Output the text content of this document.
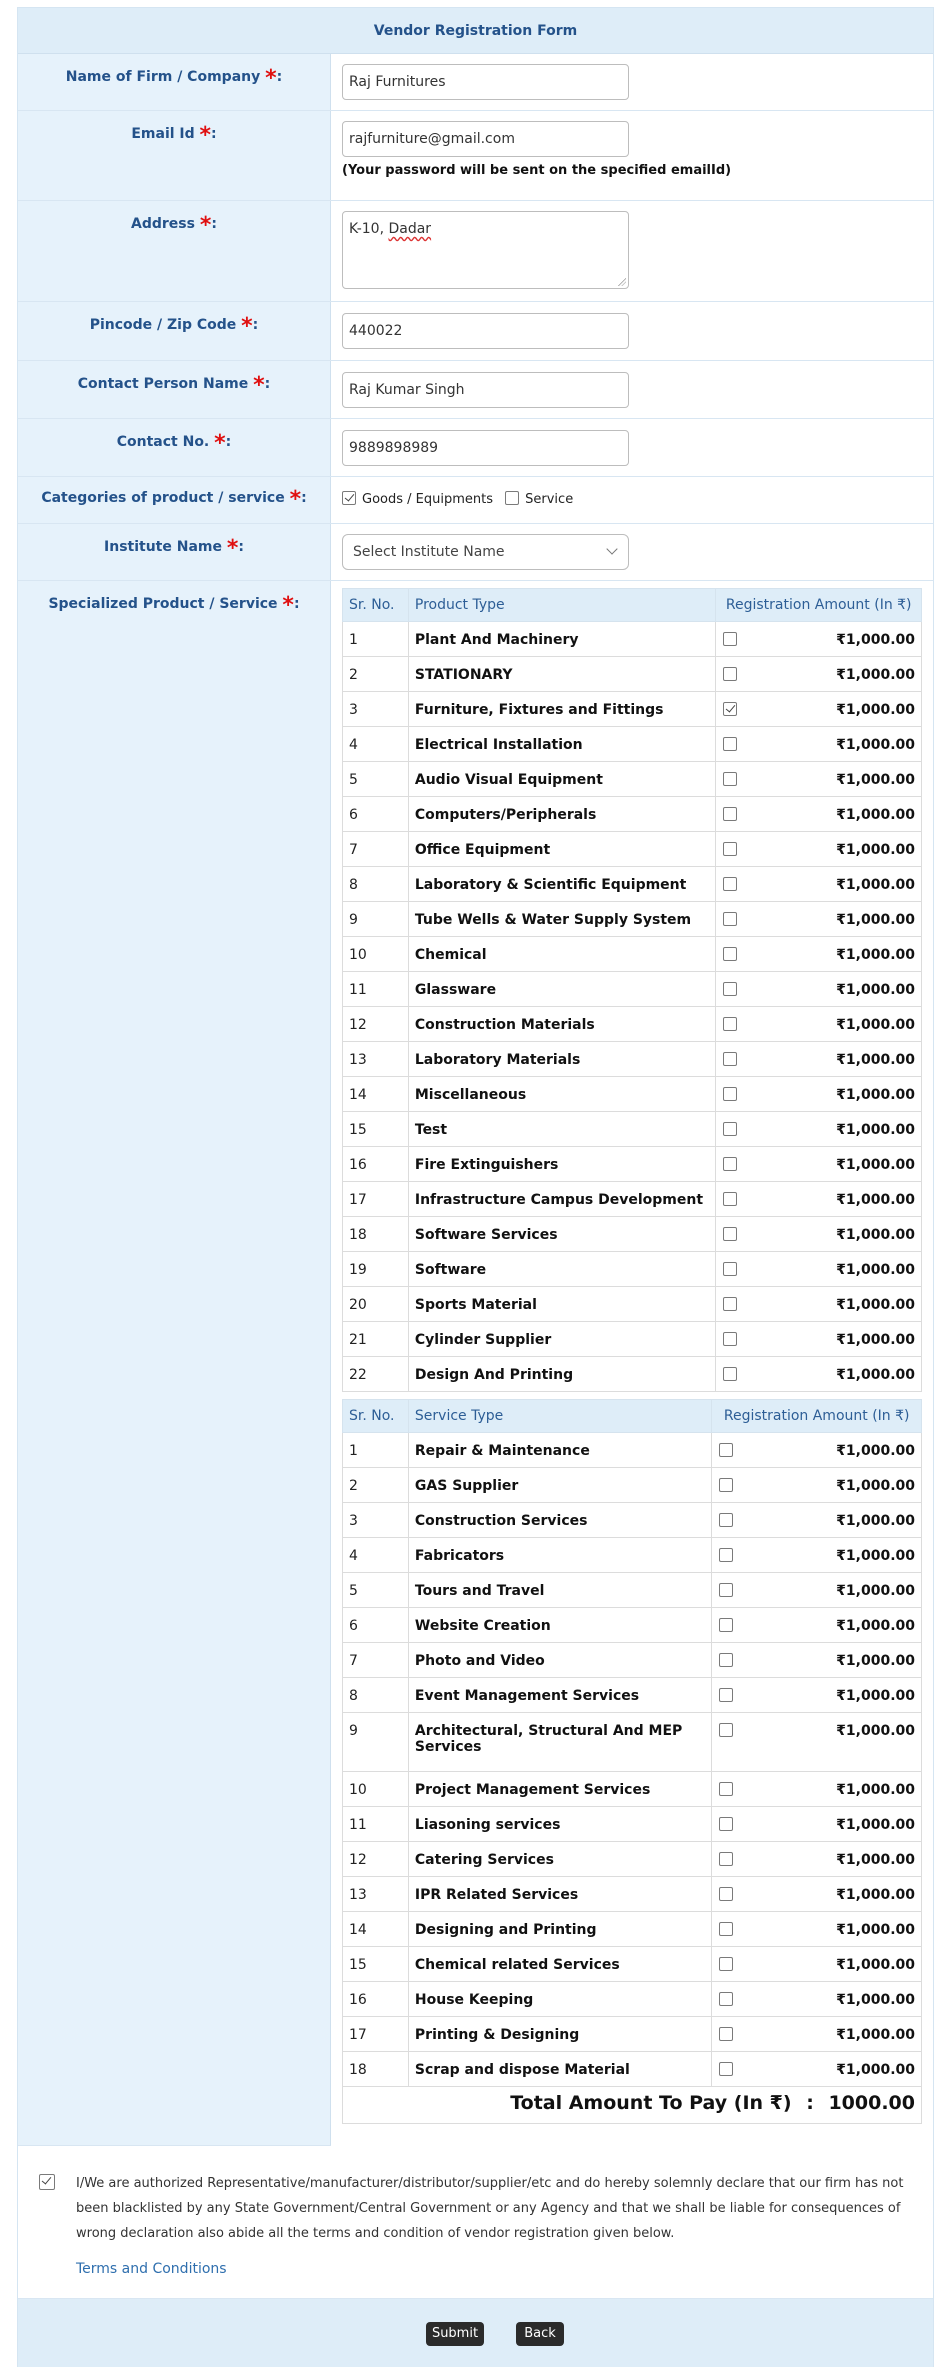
Vendor Registration Form
Name of Firm / Company *:	Raj Furnitures
Email Id *:	rajfurniture@gmail.com
(Your password will be sent on the specified emailId)
Address *:	K-10, Dadar
Pincode / Zip Code *:	440022
Contact Person Name *:	Raj Kumar Singh
Contact No. *:	9889898989
Categories of product / service *:	Goods / Equipments Service
Institute Name *:	Select Institute Name
Specialized Product / Service *:	Sr. No.	Product Type	Registration Amount (In ₹)
1	Plant And Machinery	₹1,000.00
2	STATIONARY	₹1,000.00
3	Furniture, Fixtures and Fittings	₹1,000.00
4	Electrical Installation	₹1,000.00
5	Audio Visual Equipment	₹1,000.00
6	Computers/Peripherals	₹1,000.00
7	Office Equipment	₹1,000.00
8	Laboratory & Scientific Equipment	₹1,000.00
9	Tube Wells & Water Supply System	₹1,000.00
10	Chemical	₹1,000.00
11	Glassware	₹1,000.00
12	Construction Materials	₹1,000.00
13	Laboratory Materials	₹1,000.00
14	Miscellaneous	₹1,000.00
15	Test	₹1,000.00
16	Fire Extinguishers	₹1,000.00
17	Infrastructure Campus Development	₹1,000.00
18	Software Services	₹1,000.00
19	Software	₹1,000.00
20	Sports Material	₹1,000.00
21	Cylinder Supplier	₹1,000.00
22	Design And Printing	₹1,000.00
Sr. No.	Service Type	Registration Amount (In ₹)
1	Repair & Maintenance	₹1,000.00
2	GAS Supplier	₹1,000.00
3	Construction Services	₹1,000.00
4	Fabricators	₹1,000.00
5	Tours and Travel	₹1,000.00
6	Website Creation	₹1,000.00
7	Photo and Video	₹1,000.00
8	Event Management Services	₹1,000.00
9	Architectural, Structural And MEP Services	₹1,000.00
10	Project Management Services	₹1,000.00
11	Liasoning services	₹1,000.00
12	Catering Services	₹1,000.00
13	IPR Related Services	₹1,000.00
14	Designing and Printing	₹1,000.00
15	Chemical related Services	₹1,000.00
16	House Keeping	₹1,000.00
17	Printing & Designing	₹1,000.00
18	Scrap and dispose Material	₹1,000.00
Total Amount To Pay (In ₹) : 1000.00

I/We are authorized Representative/manufacturer/distributor/supplier/etc and do hereby solemnly declare that our firm has not been blacklisted by any State Government/Central Government or any Agency and that we shall be liable for consequences of wrong declaration also abide all the terms and condition of vendor registration given below.

Terms and Conditions
Submit	Back
